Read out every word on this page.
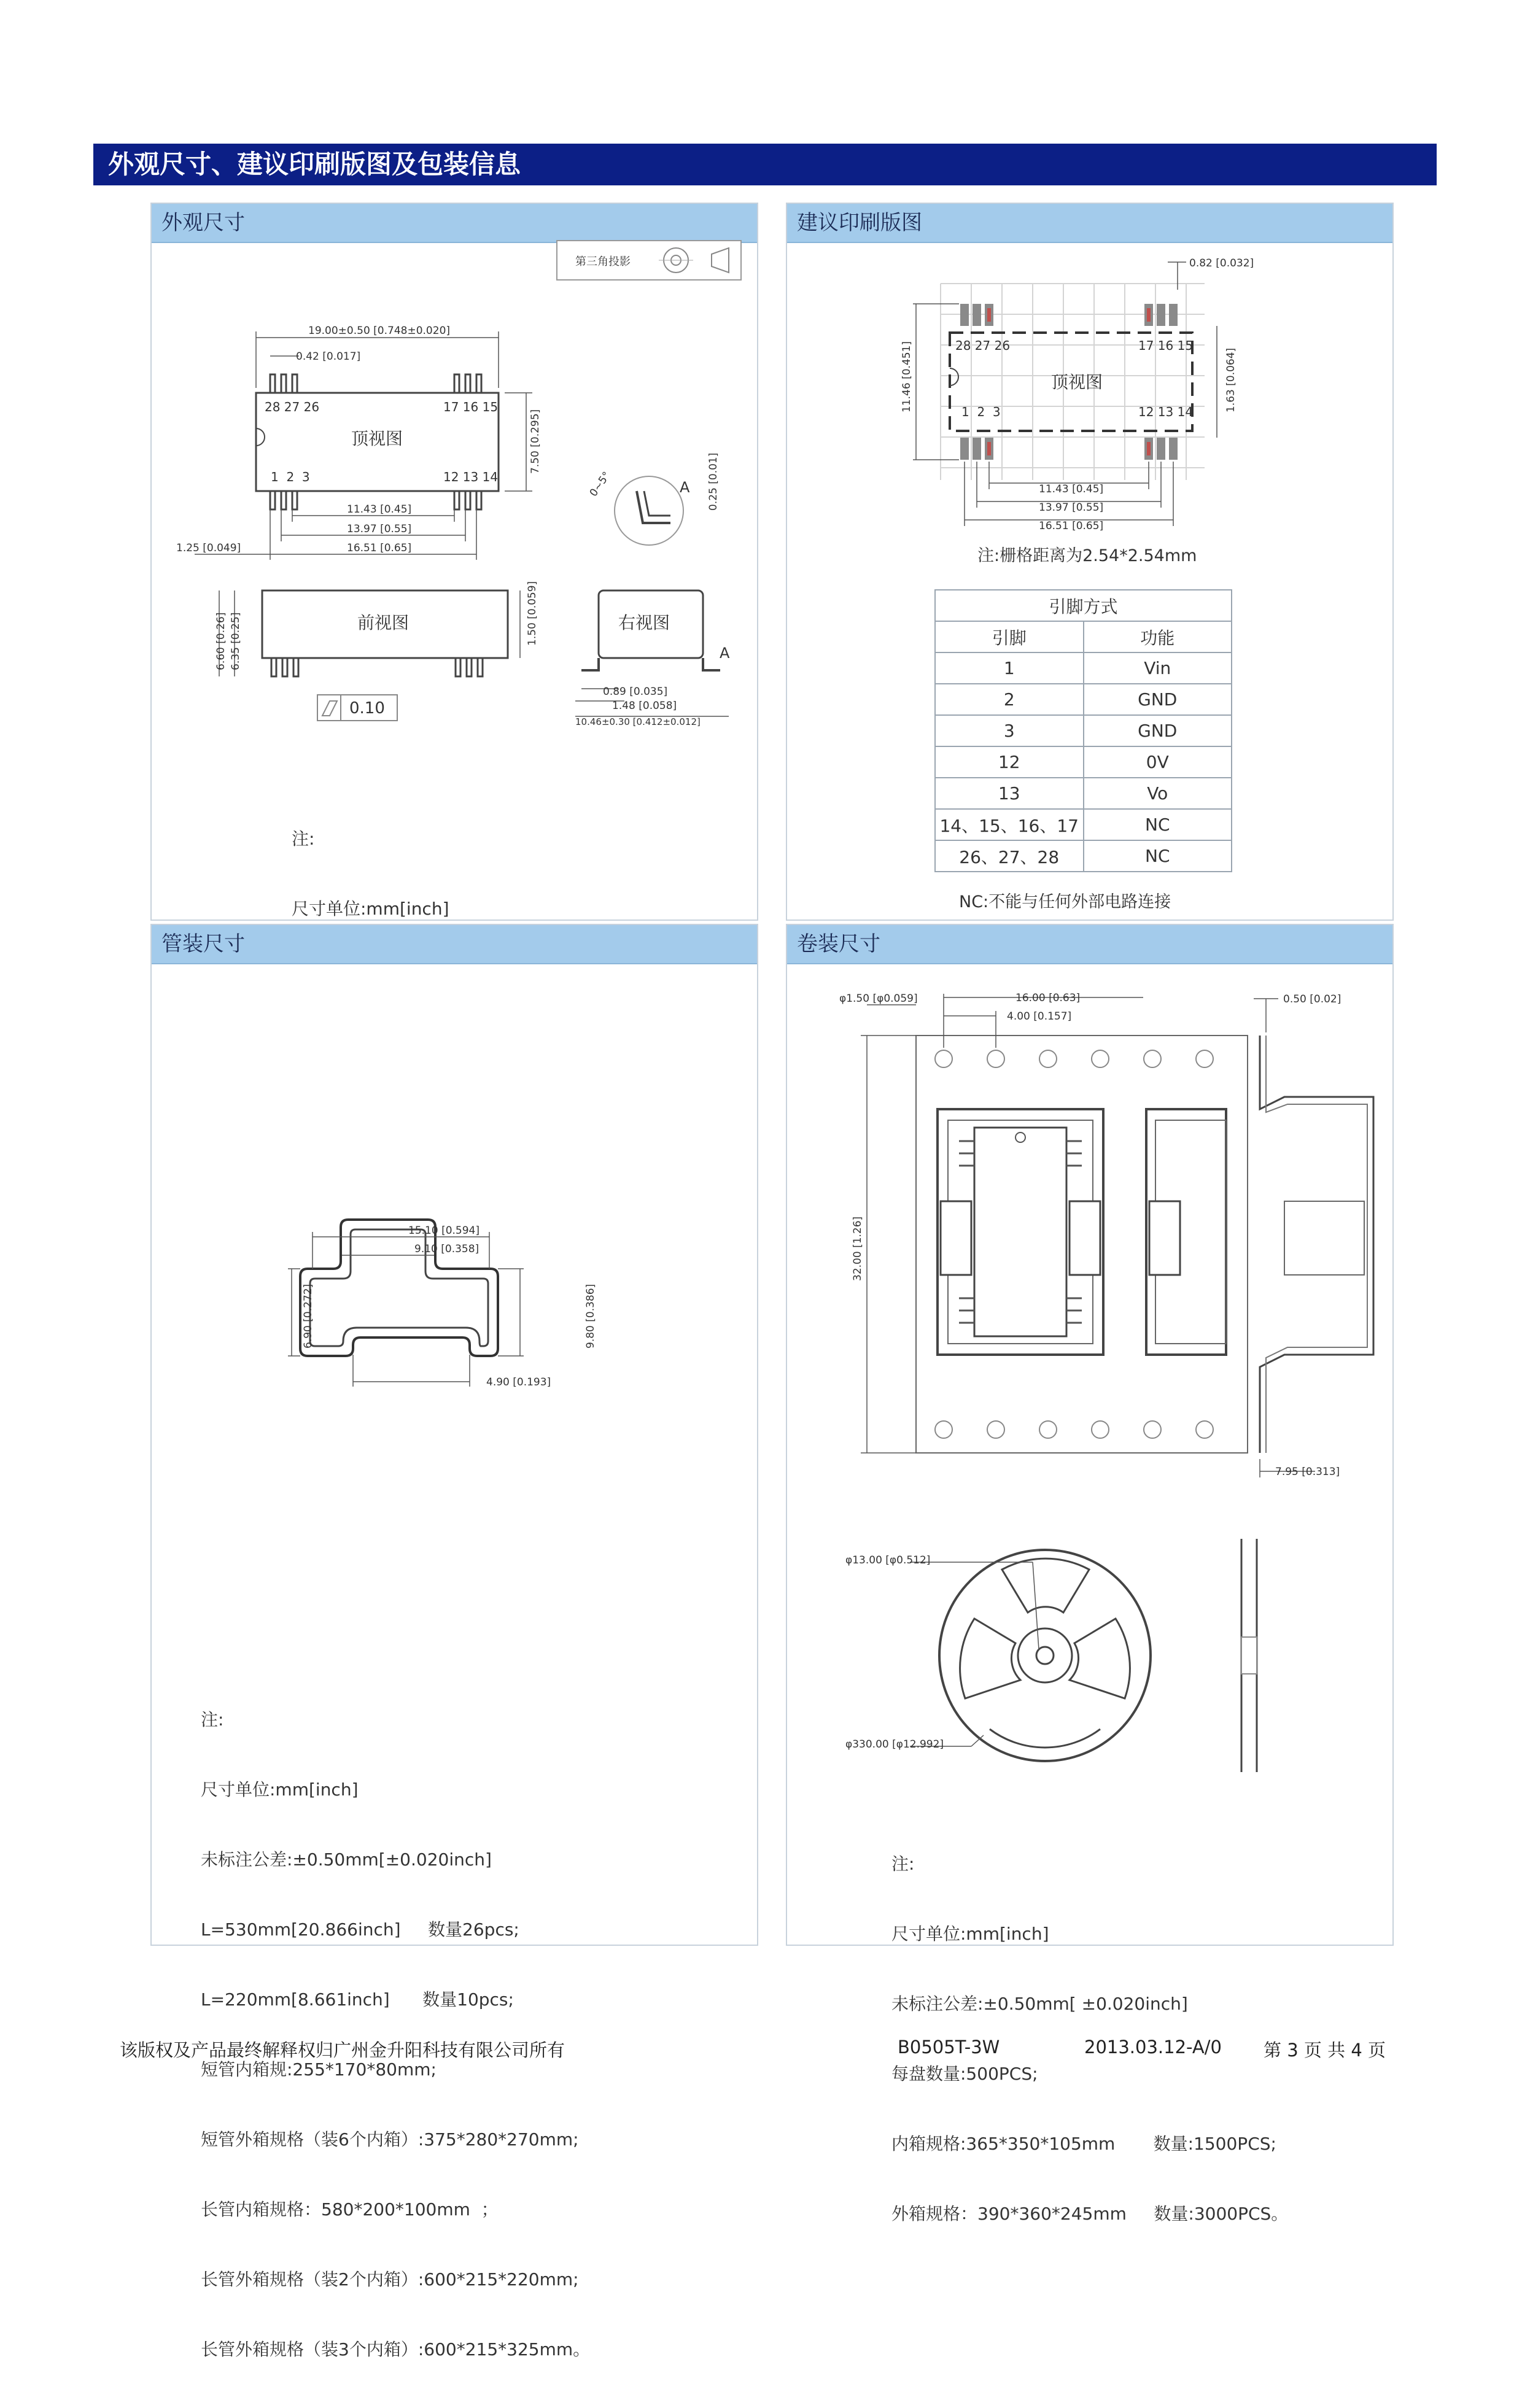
外观尺寸、建议印刷版图及包装信息
外观尺寸
第三角投影
顶视图
28 27 26	17 16 15
1  2  3	12 13 14
19.00±0.50 [0.748±0.020]
0.42 [0.017]
7.50 [0.295]
11.43 [0.45]
13.97 [0.55]
16.51 [0.65]
1.25 [0.049]
0~5°	A 0.25 [0.01]
前视图
6.60 [0.26] 6.35 [0.25]	1.50 [0.059]
0.10
右视图
A
0.89 [0.035]
1.48 [0.058]
10.46±0.30 [0.412±0.012]

注:

尺寸单位:mm[inch]

建议印刷版图
顶视图
28 27 26	17 16 15
1  2  3	12 13 14
0.82 [0.032]
11.46 [0.451]	1.63 [0.064]
11.43 [0.45]
13.97 [0.55]
16.51 [0.65]
注:栅格距离为2.54*2.54mm
NC:不能与任何外部电路连接
引脚方式	
引脚	功能
1	Vin
2	GND
3	GND
12	0V
13	Vo
14、15、16、17	NC
26、27、28	NC
管装尺寸
15.10 [0.594]
9.10 [0.358]
6.90 [0.272]	9.80 [0.386]
4.90 [0.193]

注:

尺寸单位:mm[inch]

未标注公差:±0.50mm[±0.020inch]

L=530mm[20.866inch]     数量26pcs;

L=220mm[8.661inch]      数量10pcs;

短管内箱规:255*170*80mm;

短管外箱规格（装6个内箱）:375*280*270mm;

长管内箱规格：580*200*100mm  ；

长管外箱规格（装2个内箱）:600*215*220mm;

长管外箱规格（装3个内箱）:600*215*325mm。

卷装尺寸
φ1.50 [φ0.059]	16.00 [0.63]
4.00 [0.157]
0.50 [0.02]
32.00 [1.26]
7.95 [0.313]
φ13.00 [φ0.512]
φ330.00 [φ12.992]

注:

尺寸单位:mm[inch]

未标注公差:±0.50mm[ ±0.020inch]

每盘数量:500PCS;

内箱规格:365*350*105mm       数量:1500PCS;

外箱规格：390*360*245mm     数量:3000PCS。

该版权及产品最终解释权归广州金升阳科技有限公司所有	B0505T-3W	2013.03.12-A/0 第 3 页 共 4 页
